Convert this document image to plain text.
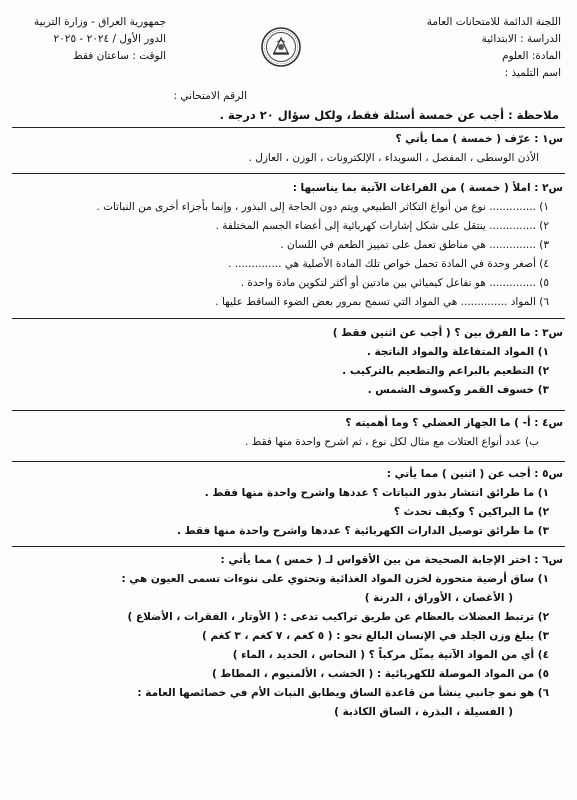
اللجنة الدائمة للامتحانات العامة
الدراسة : الابتدائية
المادة: العلوم
اسم التلميذ :
جمهورية العراق - وزارة التربية
الدور الأول / ٢٠٢٤ - ٢٠٢٥
الوقت : ساعتان فقط
الرقم الامتحاني :
ملاحظة : أجب عن خمسة أسئلة فقط، ولكل سؤال ٢٠ درجة .
س١ : عرّف ( خمسة ) مما يأتي ؟
الأذن الوسطى ، المفصل ، السويداء ، الإلكترونات ، الوزن ، العازل .
س٢ : املأ ( خمسة ) من الفراغات الآتية بما يناسبها :
١) .............. نوع من أنواع التكاثر الطبيعي ويتم دون الحاجة إلى البذور ، وإنما بأجزاء أخرى من النباتات .
٢) .............. ينتقل على شكل إشارات كهربائية إلى أعضاء الجسم المختلفة .
٣) .............. هي مناطق تعمل على تمييز الطعم في اللسان .
٤) أصغر وحدة في المادة تحمل خواص تلك المادة الأصلية هي .............. .
٥) .............. هو تفاعل كيميائي بين مادتين أو أكثر لتكوين مادة واحدة .
٦) المواد .............. هي المواد التي تسمح بمرور بعض الضوء الساقط عليها .
س٣ : ما الفرق بين ؟ ( أجب عن اثنين فقط )
١) المواد المتفاعلة والمواد الناتجة .
٢) التطعيم بالبراعم والتطعيم بالتركيب .
٣) خسوف القمر وكسوف الشمس .
س٤ : أ- ) ما الجهاز العضلي ؟ وما أهميته ؟
ب) عدد أنواع العتلات مع مثال لكل نوع ، ثم اشرح واحدة منها فقط .
س٥ : أجب عن ( اثنين ) مما يأتي :
١) ما طرائق انتشار بذور النباتات ؟ عددها واشرح واحدة منها فقط .
٢) ما البراكين ؟ وكيف تحدث ؟
٣) ما طرائق توصيل الدارات الكهربائية ؟ عددها واشرح واحدة منها فقط .
س٦ : اختر الإجابة الصحيحة من بين الأقواس لـ ( خمس ) مما يأتي :
١) ساق أرضية متحورة لخزن المواد الغذائية وتحتوي على نتوءات تسمى العيون هي :
( الأغصان ، الأوراق ، الدرنة )
٢) ترتبط العضلات بالعظام عن طريق تراكيب تدعى : ( الأوتار ، الفقرات ، الأضلاع )
٣) يبلغ وزن الجلد في الإنسان البالغ نحو : ( ٥ كغم ، ٧ كغم ، ٣ كغم )
٤) أي من المواد الآتية يمثّل مركباً ؟ ( النحاس ، الحديد ، الماء )
٥) من المواد الموصلة للكهربائية : ( الخشب ، الألمنيوم ، المطاط )
٦) هو نمو جانبي ينشأ من قاعدة الساق ويطابق النبات الأم في خصائصها العامة :
( الفسيلة ، البذرة ، الساق الكاذبة )
